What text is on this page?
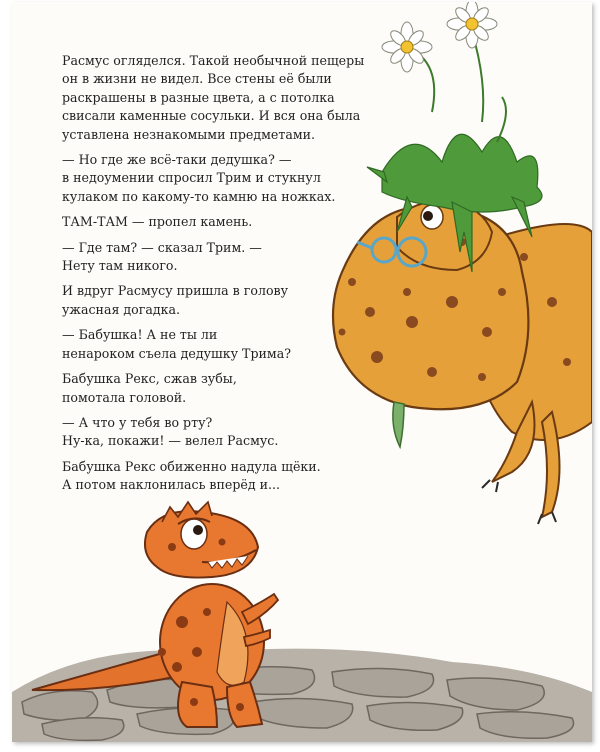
Расмус огляделся. Такой необычной пещеры
он в жизни не видел. Все стены её были
раскрашены в разные цвета, а с потолка
свисали каменные сосульки. И вся она была
уставлена незнакомыми предметами.

— Но где же всё-таки дедушка? —
в недоумении спросил Трим и стукнул
кулаком по какому-то камню на ножках.

ТАМ-ТАМ — пропел камень.

— Где там? — сказал Трим. —
Нету там никого.

И вдруг Расмусу пришла в голову
ужасная догадка.

— Бабушка! А не ты ли
ненароком съела дедушку Трима?

Бабушка Рекс, сжав зубы,
помотала головой.

— А что у тебя во рту?
Ну-ка, покажи! — велел Расмус.

Бабушка Рекс обиженно надула щёки.
А потом наклонилась вперёд и...
